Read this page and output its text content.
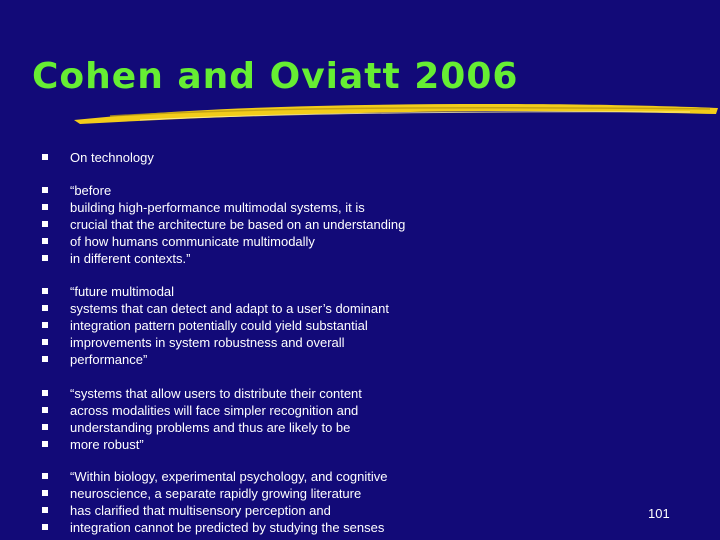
Cohen and Oviatt 2006
On technology
“before
building high-performance multimodal systems, it is
crucial that the architecture be based on an understanding
of how humans communicate multimodally
in different contexts.”
“future multimodal
systems that can detect and adapt to a user’s dominant
integration pattern potentially could yield substantial
improvements in system robustness and overall
performance”
“systems that allow users to distribute their content
across modalities will face simpler recognition and
understanding problems and thus are likely to be
more robust”
“Within biology, experimental psychology, and cognitive
neuroscience, a separate rapidly growing literature
has clarified that multisensory perception and
integration cannot be predicted by studying the senses
101
